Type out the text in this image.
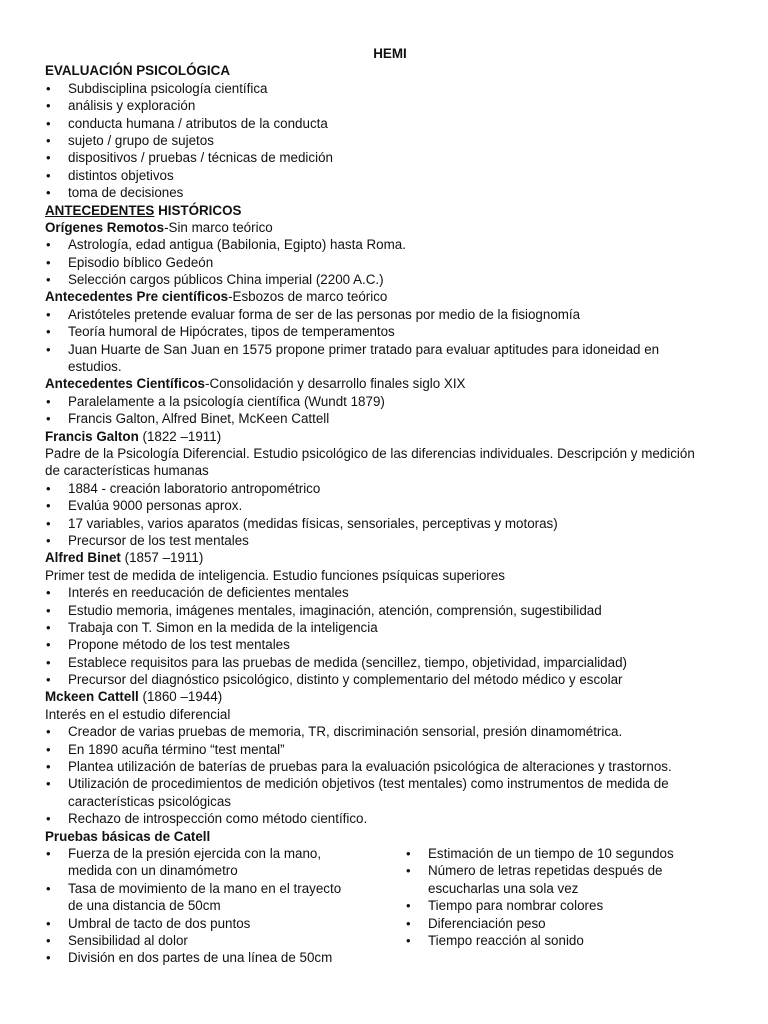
HEMI
EVALUACIÓN PSICOLÓGICA
• Subdisciplina psicología científica
• análisis y exploración
• conducta humana / atributos de la conducta
• sujeto / grupo de sujetos
• dispositivos / pruebas / técnicas de medición
• distintos objetivos
• toma de decisiones
ANTECEDENTES HISTÓRICOS
Orígenes Remotos-Sin marco teórico
• Astrología, edad antigua (Babilonia, Egipto) hasta Roma.
• Episodio bíblico Gedeón
• Selección cargos públicos China imperial (2200 A.C.)
Antecedentes Pre científicos-Esbozos de marco teórico
• Aristóteles pretende evaluar forma de ser de las personas por medio de la fisiognomía
• Teoría humoral de Hipócrates, tipos de temperamentos
• Juan Huarte de San Juan en 1575 propone primer tratado para evaluar aptitudes para idoneidad en
estudios.
Antecedentes Científicos-Consolidación y desarrollo finales siglo XIX
• Paralelamente a la psicología científica (Wundt 1879)
• Francis Galton, Alfred Binet, McKeen Cattell
Francis Galton (1822 –1911)
Padre de la Psicología Diferencial. Estudio psicológico de las diferencias individuales. Descripción y medición
de características humanas
• 1884 - creación laboratorio antropométrico
• Evalúa 9000 personas aprox.
• 17 variables, varios aparatos (medidas físicas, sensoriales, perceptivas y motoras)
• Precursor de los test mentales
Alfred Binet (1857 –1911)
Primer test de medida de inteligencia. Estudio funciones psíquicas superiores
• Interés en reeducación de deficientes mentales
• Estudio memoria, imágenes mentales, imaginación, atención, comprensión, sugestibilidad
• Trabaja con T. Simon en la medida de la inteligencia
• Propone método de los test mentales
• Establece requisitos para las pruebas de medida (sencillez, tiempo, objetividad, imparcialidad)
• Precursor del diagnóstico psicológico, distinto y complementario del método médico y escolar
Mckeen Cattell (1860 –1944)
Interés en el estudio diferencial
• Creador de varias pruebas de memoria, TR, discriminación sensorial, presión dinamométrica.
• En 1890 acuña término “test mental”
• Plantea utilización de baterías de pruebas para la evaluación psicológica de alteraciones y trastornos.
• Utilización de procedimientos de medición objetivos (test mentales) como instrumentos de medida de
características psicológicas
• Rechazo de introspección como método científico.
Pruebas básicas de Catell
• Fuerza de la presión ejercida con la mano,
medida con un dinamómetro
• Tasa de movimiento de la mano en el trayecto
de una distancia de 50cm
• Umbral de tacto de dos puntos
• Sensibilidad al dolor
• División en dos partes de una línea de 50cm
• Estimación de un tiempo de 10 segundos
• Número de letras repetidas después de
escucharlas una sola vez
• Tiempo para nombrar colores
• Diferenciación peso
• Tiempo reacción al sonido
